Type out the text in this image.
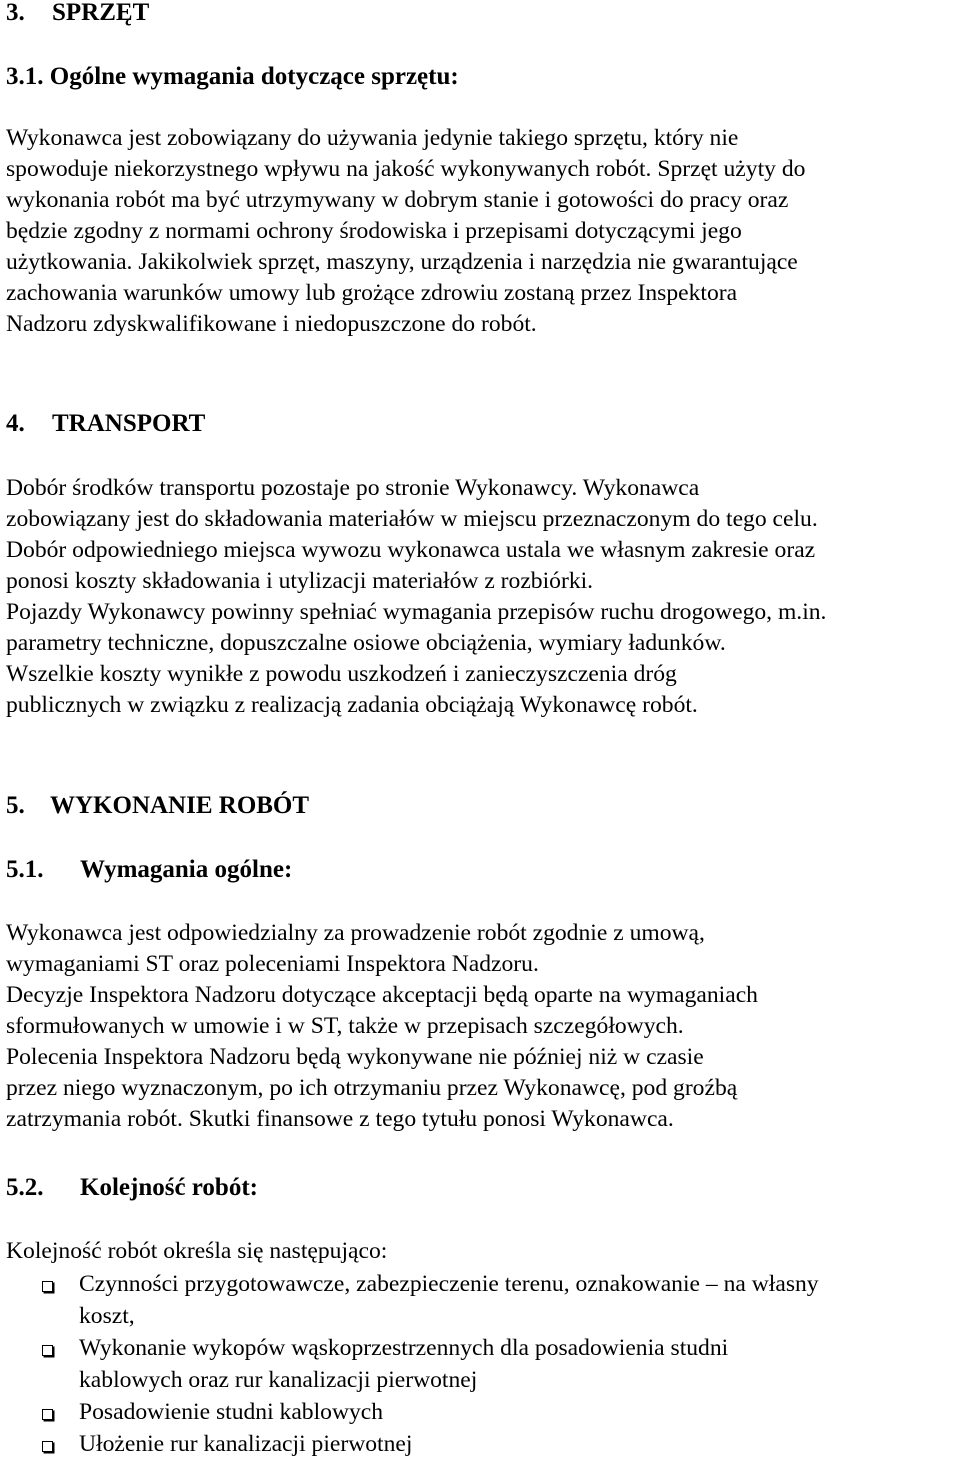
3. SPRZĘT
3.1. Ogólne wymagania dotyczące sprzętu:
Wykonawca jest zobowiązany do używania jedynie takiego sprzętu, który nie
spowoduje niekorzystnego wpływu na jakość wykonywanych robót. Sprzęt użyty do
wykonania robót ma być utrzymywany w dobrym stanie i gotowości do pracy oraz
będzie zgodny z normami ochrony środowiska i przepisami dotyczącymi jego
użytkowania. Jakikolwiek sprzęt, maszyny, urządzenia i narzędzia nie gwarantujące
zachowania warunków umowy lub grożące zdrowiu zostaną przez Inspektora
Nadzoru zdyskwalifikowane i niedopuszczone do robót.
4. TRANSPORT
Dobór środków transportu pozostaje po stronie Wykonawcy. Wykonawca
zobowiązany jest do składowania materiałów w miejscu przeznaczonym do tego celu.
Dobór odpowiedniego miejsca wywozu wykonawca ustala we własnym zakresie oraz
ponosi koszty składowania i utylizacji materiałów z rozbiórki.
Pojazdy Wykonawcy powinny spełniać wymagania przepisów ruchu drogowego, m.in.
parametry techniczne, dopuszczalne osiowe obciążenia, wymiary ładunków.
Wszelkie koszty wynikłe z powodu uszkodzeń i zanieczyszczenia dróg
publicznych w związku z realizacją zadania obciążają Wykonawcę robót.
5. WYKONANIE ROBÓT
5.1. Wymagania ogólne:
Wykonawca jest odpowiedzialny za prowadzenie robót zgodnie z umową,
wymaganiami ST oraz poleceniami Inspektora Nadzoru.
Decyzje Inspektora Nadzoru dotyczące akceptacji będą oparte na wymaganiach
sformułowanych w umowie i w ST, także w przepisach szczegółowych.
Polecenia Inspektora Nadzoru będą wykonywane nie później niż w czasie
przez niego wyznaczonym, po ich otrzymaniu przez Wykonawcę, pod groźbą
zatrzymania robót. Skutki finansowe z tego tytułu ponosi Wykonawca.
5.2. Kolejność robót:
Kolejność robót określa się następująco:
Czynności przygotowawcze, zabezpieczenie terenu, oznakowanie – na własny
koszt,
Wykonanie wykopów wąskoprzestrzennych dla posadowienia studni
kablowych oraz rur kanalizacji pierwotnej
Posadowienie studni kablowych
Ułożenie rur kanalizacji pierwotnej
